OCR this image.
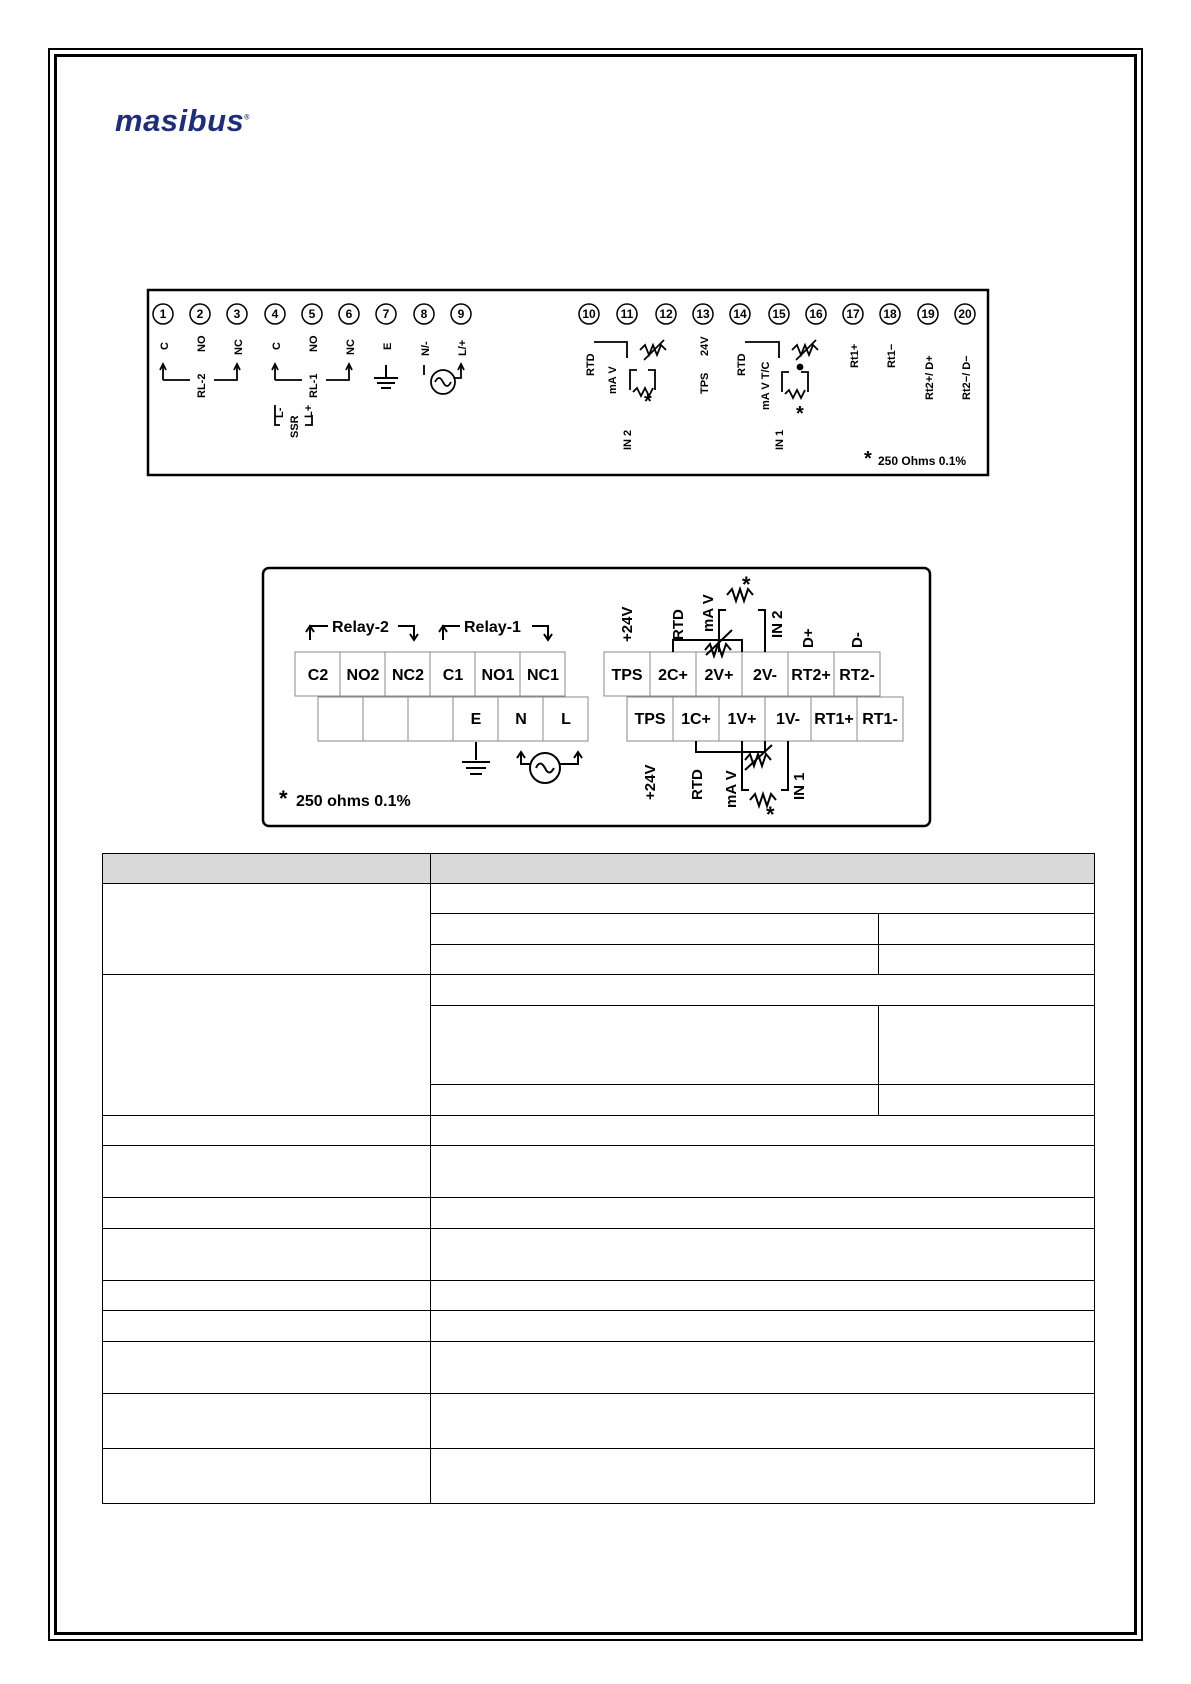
masibus®
1	2	3	4	5	6	7	8	9	10 11 12 13 14 15 16 17 18 19 20
C NO
RL-2
NC C NO
RL-1
NC E N/- L/+
SSR
L- L+
RTD
mA V
IN 2
TPS
24V
RTD mA V T/C
IN 1
Rt1+ Rt1− Rt2+/ D+ Rt2−/ D−
*
*
* 250 Ohms 0.1%
Relay-2	Relay-1
C2 NO2 NC2 C1 NO1 NC1
E N L
TPS 2C+ 2V+ 2V- RT2+ RT2-
TPS 1C+ 1V+ 1V- RT1+ RT1-
+24V RTD mA V	IN 2
D+ D-
+24V RTD mA V	IN 1
*
*
* 250 ohms 0.1%
